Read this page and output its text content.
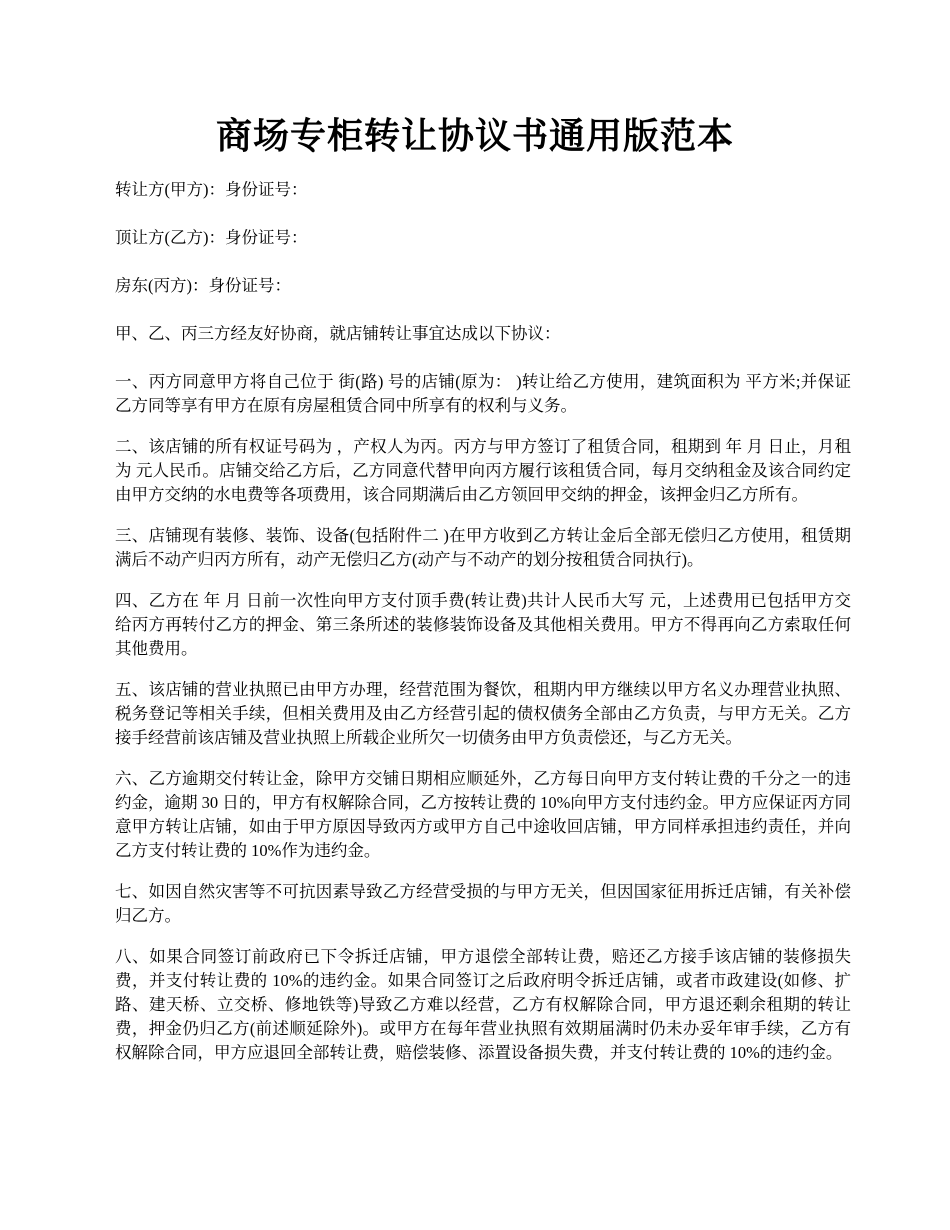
商场专柜转让协议书通用版范本

转让方(甲方)：身份证号：

顶让方(乙方)：身份证号：

房东(丙方)：身份证号：

甲、乙、丙三方经友好协商，就店铺转让事宜达成以下协议：

一、丙方同意甲方将自己位于 街(路) 号的店铺(原为： )转让给乙方使用，建筑面积为 平方米;并保证乙方同等享有甲方在原有房屋租赁合同中所享有的权利与义务。

二、该店铺的所有权证号码为 ，产权人为丙。丙方与甲方签订了租赁合同，租期到 年 月 日止，月租为 元人民币。店铺交给乙方后，乙方同意代替甲向丙方履行该租赁合同，每月交纳租金及该合同约定由甲方交纳的水电费等各项费用，该合同期满后由乙方领回甲交纳的押金，该押金归乙方所有。

三、店铺现有装修、装饰、设备(包括附件二 )在甲方收到乙方转让金后全部无偿归乙方使用，租赁期满后不动产归丙方所有，动产无偿归乙方(动产与不动产的划分按租赁合同执行)。

四、乙方在 年 月 日前一次性向甲方支付顶手费(转让费)共计人民币大写 元，上述费用已包括甲方交给丙方再转付乙方的押金、第三条所述的装修装饰设备及其他相关费用。甲方不得再向乙方索取任何其他费用。

五、该店铺的营业执照已由甲方办理，经营范围为餐饮，租期内甲方继续以甲方名义办理营业执照、税务登记等相关手续，但相关费用及由乙方经营引起的债权债务全部由乙方负责，与甲方无关。乙方接手经营前该店铺及营业执照上所载企业所欠一切债务由甲方负责偿还，与乙方无关。

六、乙方逾期交付转让金，除甲方交铺日期相应顺延外，乙方每日向甲方支付转让费的千分之一的违约金，逾期 30 日的，甲方有权解除合同，乙方按转让费的 10%向甲方支付违约金。甲方应保证丙方同意甲方转让店铺，如由于甲方原因导致丙方或甲方自己中途收回店铺，甲方同样承担违约责任，并向乙方支付转让费的 10%作为违约金。

七、如因自然灾害等不可抗因素导致乙方经营受损的与甲方无关，但因国家征用拆迁店铺，有关补偿归乙方。

八、如果合同签订前政府已下令拆迁店铺，甲方退偿全部转让费，赔还乙方接手该店铺的装修损失费，并支付转让费的 10%的违约金。如果合同签订之后政府明令拆迁店铺，或者市政建设(如修、扩路、建天桥、立交桥、修地铁等)导致乙方难以经营，乙方有权解除合同，甲方退还剩余租期的转让费，押金仍归乙方(前述顺延除外)。或甲方在每年营业执照有效期届满时仍未办妥年审手续，乙方有权解除合同，甲方应退回全部转让费，赔偿装修、添置设备损失费，并支付转让费的 10%的违约金。
